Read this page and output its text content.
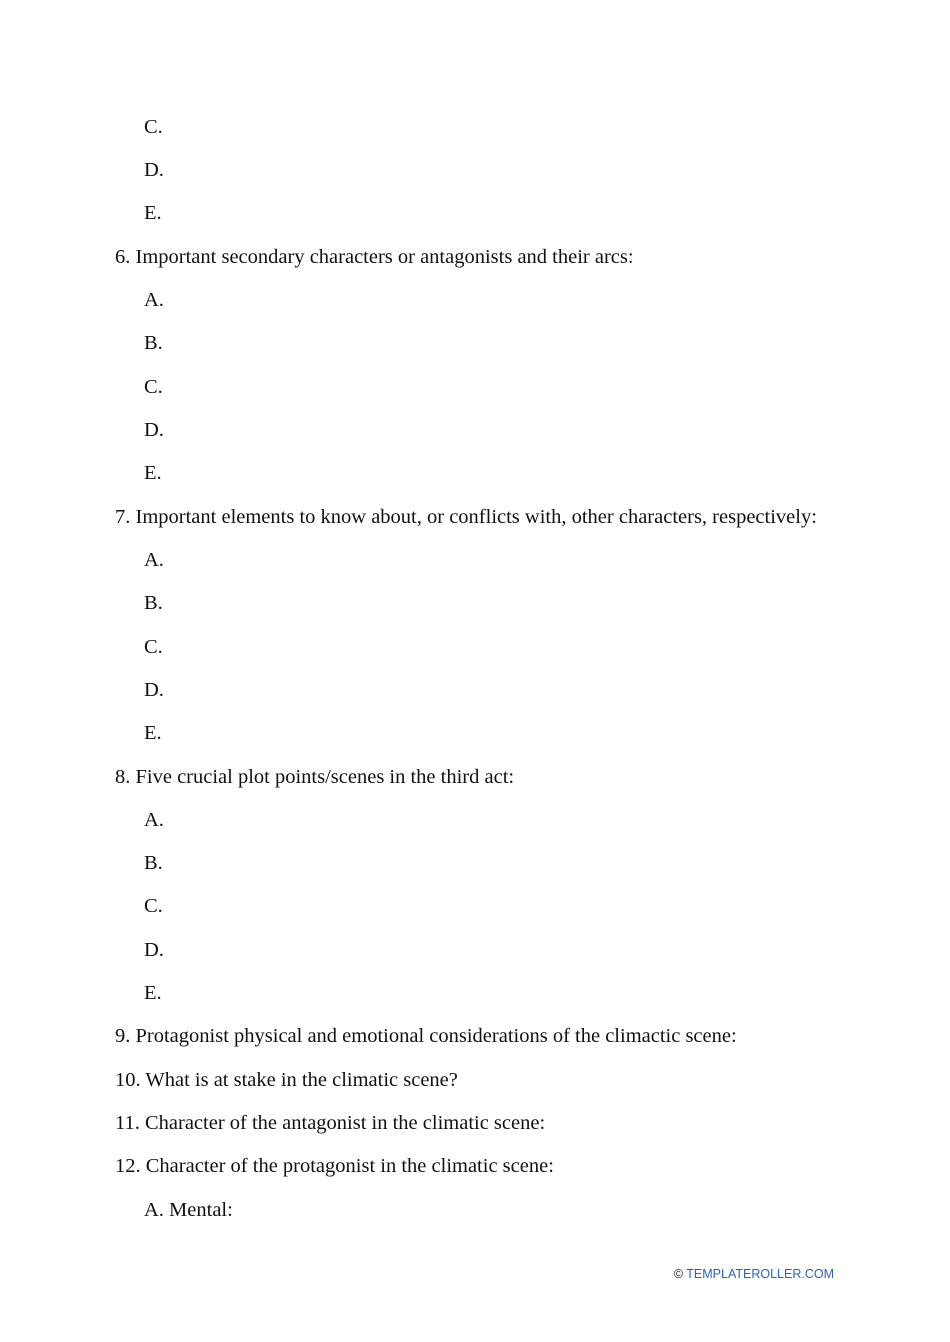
C.
D.
E.
6. Important secondary characters or antagonists and their arcs:
A.
B.
C.
D.
E.
7. Important elements to know about, or conflicts with, other characters, respectively:
A.
B.
C.
D.
E.
8. Five crucial plot points/scenes in the third act:
A.
B.
C.
D.
E.
9. Protagonist physical and emotional considerations of the climactic scene:
10. What is at stake in the climatic scene?
11. Character of the antagonist in the climatic scene:
12. Character of the protagonist in the climatic scene:
A. Mental:
© TEMPLATEROLLER.COM
